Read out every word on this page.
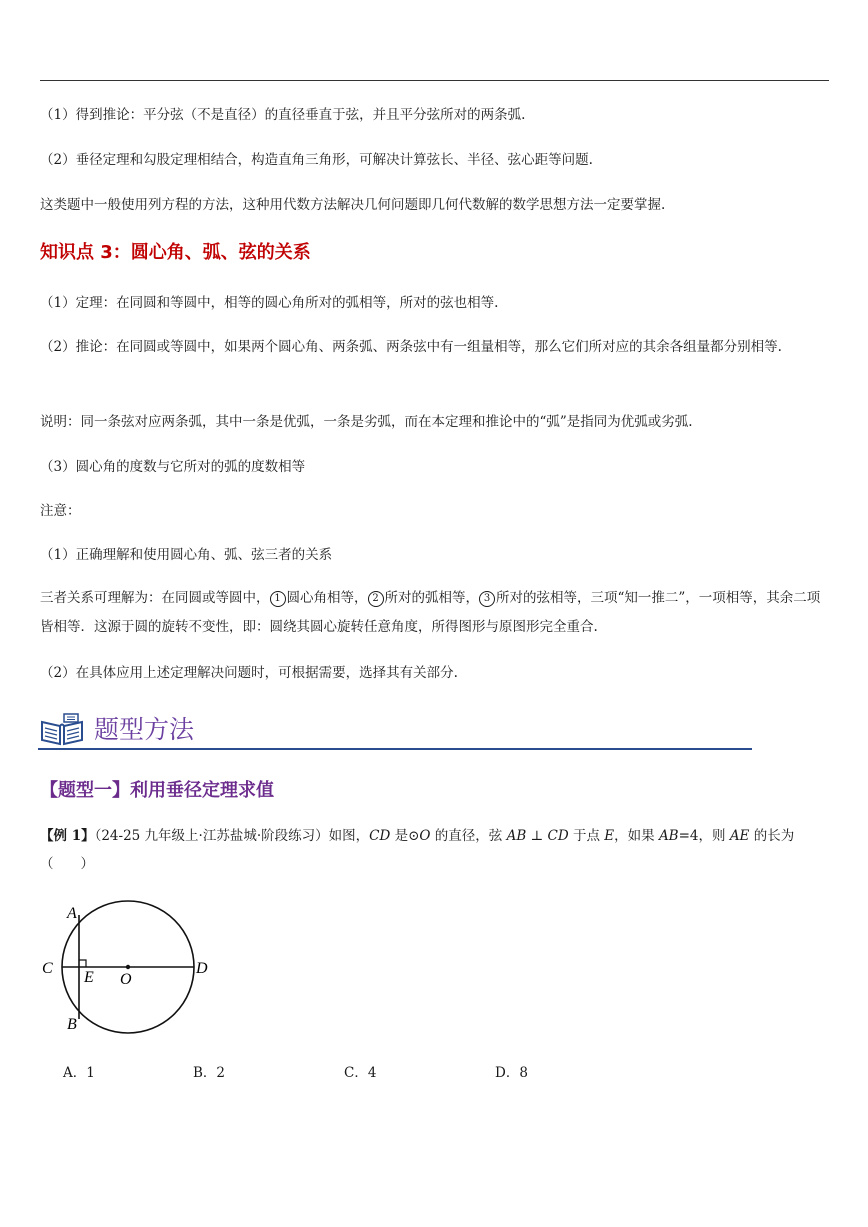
（1）得到推论：平分弦（不是直径）的直径垂直于弦，并且平分弦所对的两条弧.
（2）垂径定理和勾股定理相结合，构造直角三角形，可解决计算弦长、半径、弦心距等问题.
这类题中一般使用列方程的方法，这种用代数方法解决几何问题即几何代数解的数学思想方法一定要掌握.
知识点 3：圆心角、弧、弦的关系
（1）定理：在同圆和等圆中，相等的圆心角所对的弧相等，所对的弦也相等.
（2）推论：在同圆或等圆中，如果两个圆心角、两条弧、两条弦中有一组量相等，那么它们所对应的其余各组量都分别相等.
说明：同一条弦对应两条弧，其中一条是优弧，一条是劣弧，而在本定理和推论中的“弧”是指同为优弧或劣弧.
（3）圆心角的度数与它所对的弧的度数相等
注意：
（1）正确理解和使用圆心角、弧、弦三者的关系
三者关系可理解为：在同圆或等圆中， 1 圆心角相等， 2 所对的弧相等， 3 所对的弦相等，三项“知一推二”，一项相等，其余二项皆相等．这源于圆的旋转不变性，即：圆绕其圆心旋转任意角度，所得图形与原图形完全重合.
（2）在具体应用上述定理解决问题时，可根据需要，选择其有关部分.
题型方法
【题型一】利用垂径定理求值
【例 1】（24-25 九年级上·江苏盐城·阶段练习）如图，CD 是⊙O 的直径，弦 AB ⊥ CD 于点 E，如果 AB=4，则 AE 的长为（　　）
A
B
C	D
E O
A．1	B．2	C．4	D．8
